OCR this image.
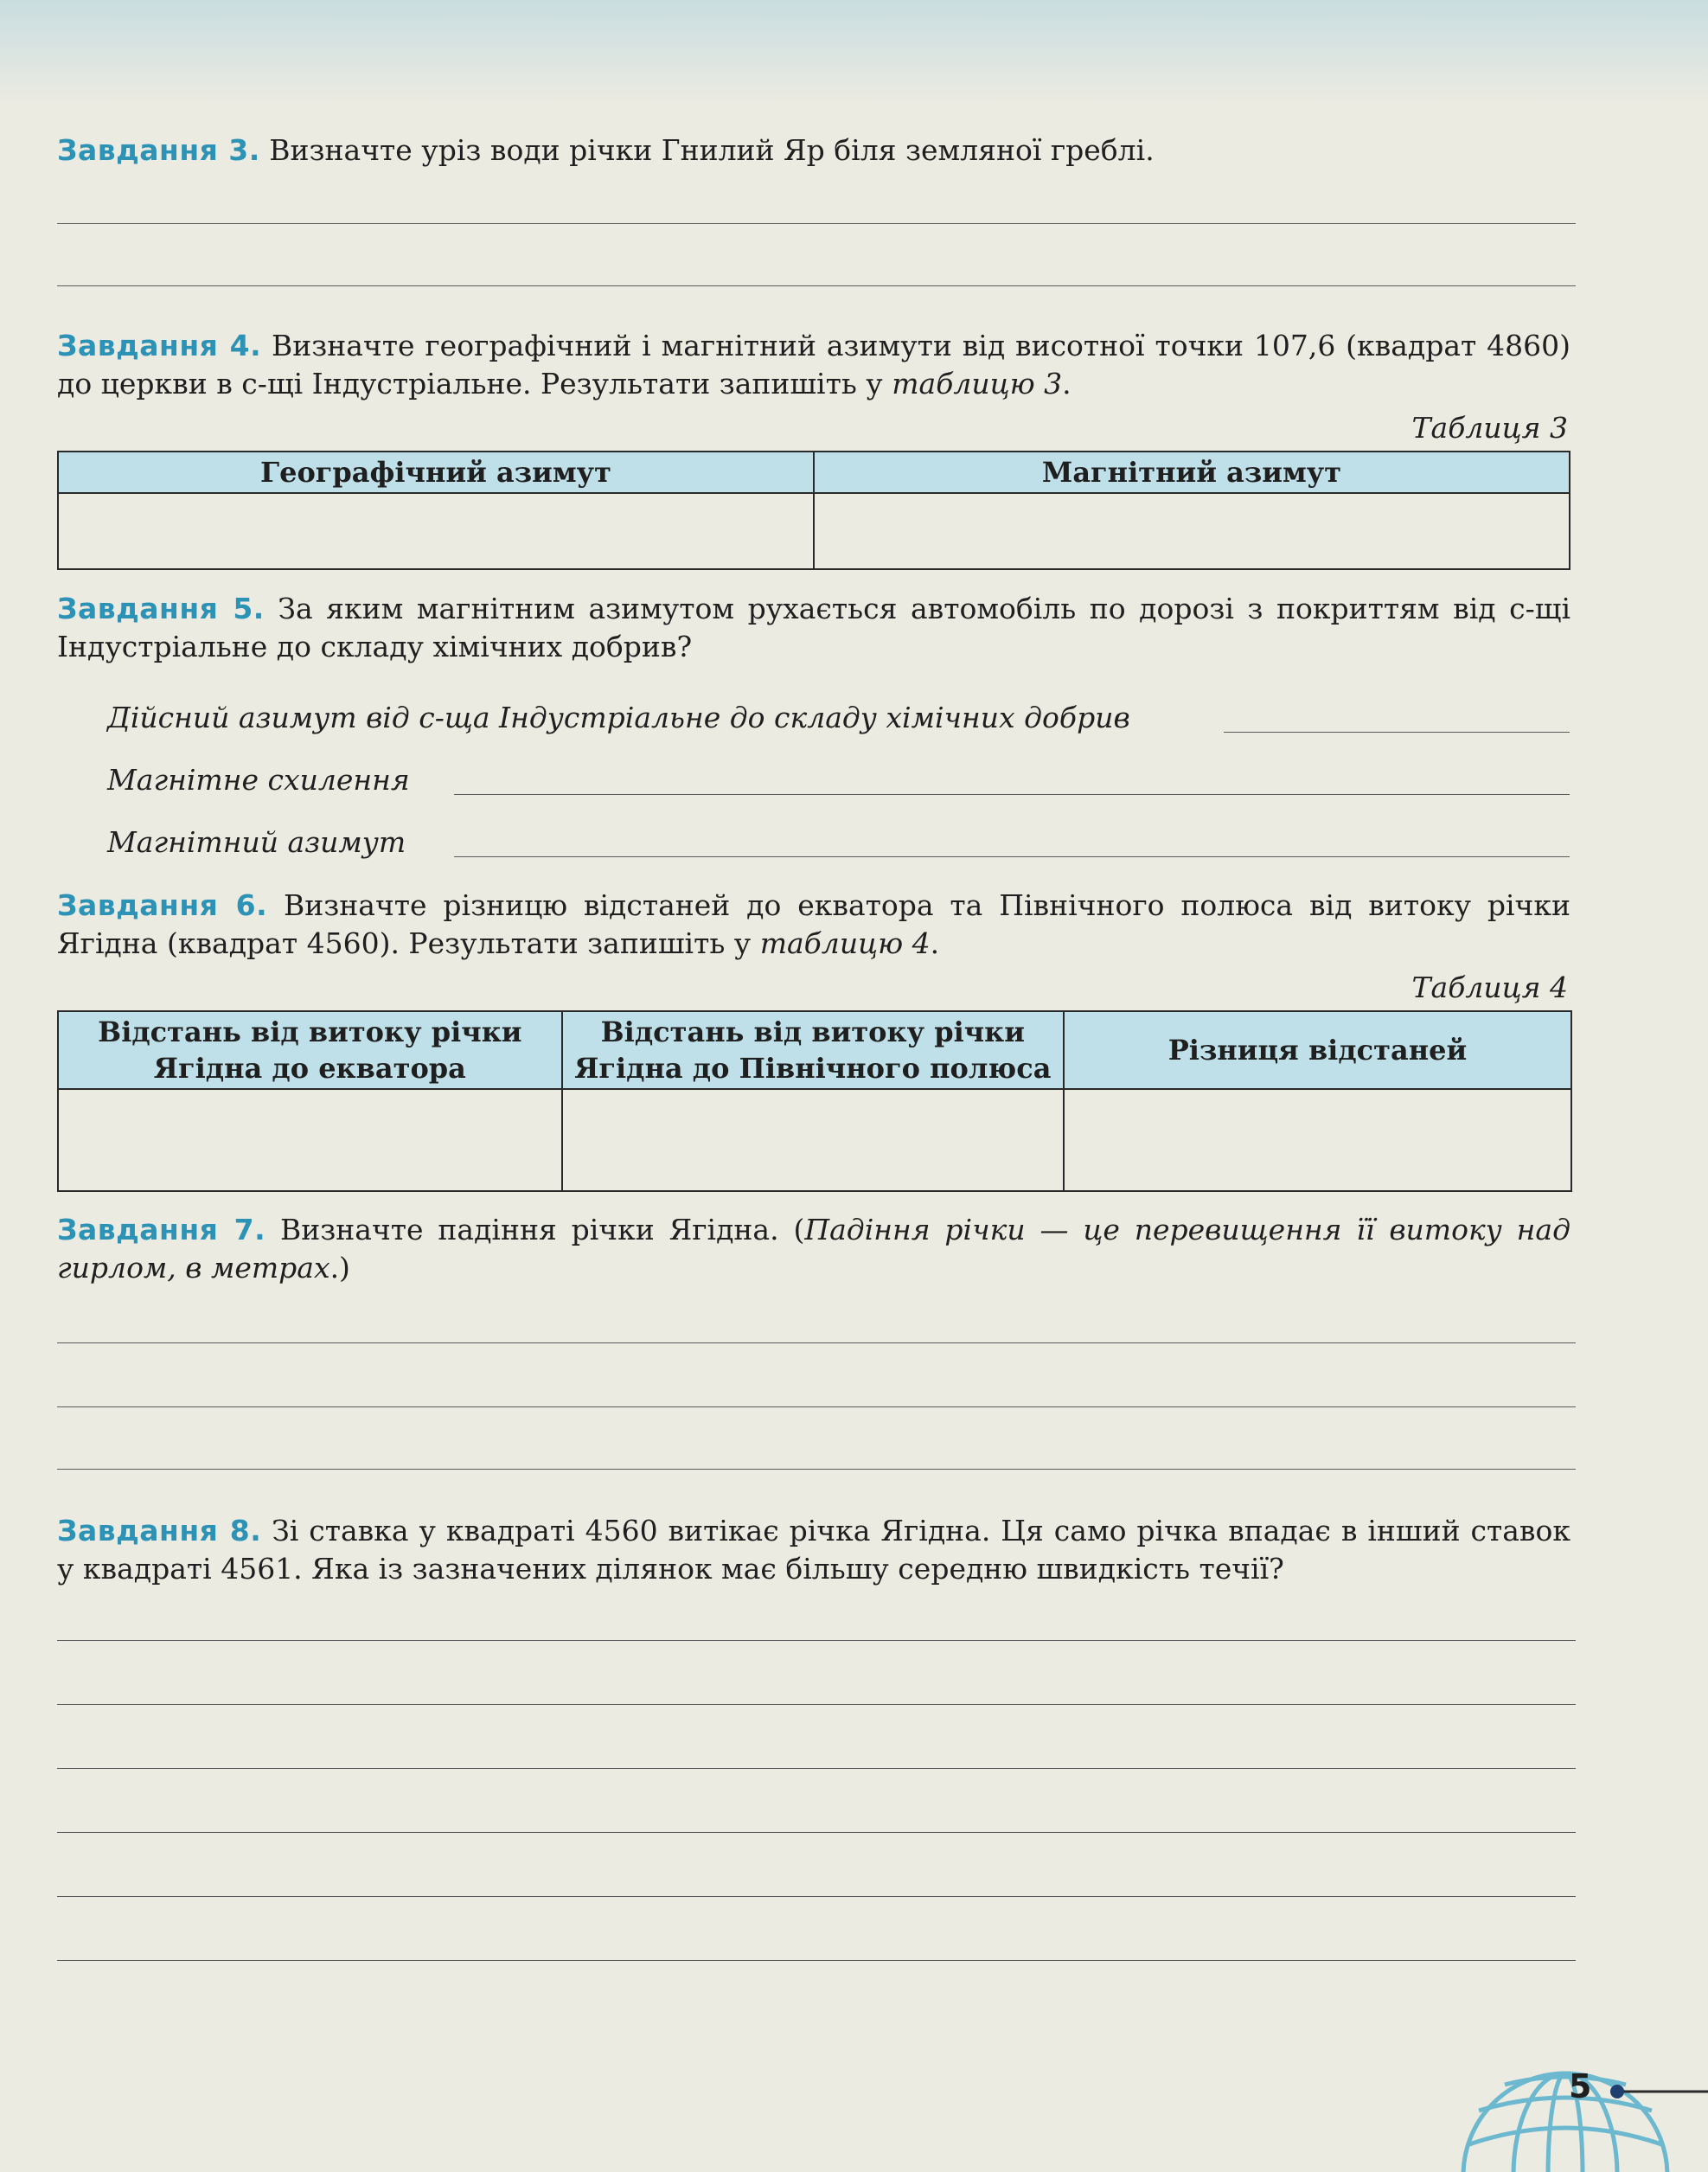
Завдання 3. Визначте уріз води річки Гнилий Яр біля земляної греблі.
Завдання 4. Визначте географічний і магнітний азимути від висотної точки 107,6 (квадрат 4860) до церкви в с-щі Індустріальне. Результати запишіть у таблицю 3.
Таблиця 3
Географічний азимут	Магнітний азимут

Завдання 5. За яким магнітним азимутом рухається автомобіль по дорозі з покриттям від с-щі Індустріальне до складу хімічних добрив?
Дійсний азимут від с-ща Індустріальне до складу хімічних добрив
Магнітне схилення
Магнітний азимут
Завдання 6. Визначте різницю відстаней до екватора та Північного полюса від витоку річки Ягідна (квадрат 4560). Результати запишіть у таблицю 4.
Таблиця 4
Відстань від витоку річки Ягідна до екватора	Відстань від витоку річки Ягідна до Північного полюса	Різниця відстаней

Завдання 7. Визначте падіння річки Ягідна. (Падіння річки — це перевищення її витоку над гирлом, в метрах.)
Завдання 8. Зі ставка у квадраті 4560 витікає річка Ягідна. Ця само річка впадає в інший ставок у квадраті 4561. Яка із зазначених ділянок має більшу середню швидкість течії?
5
